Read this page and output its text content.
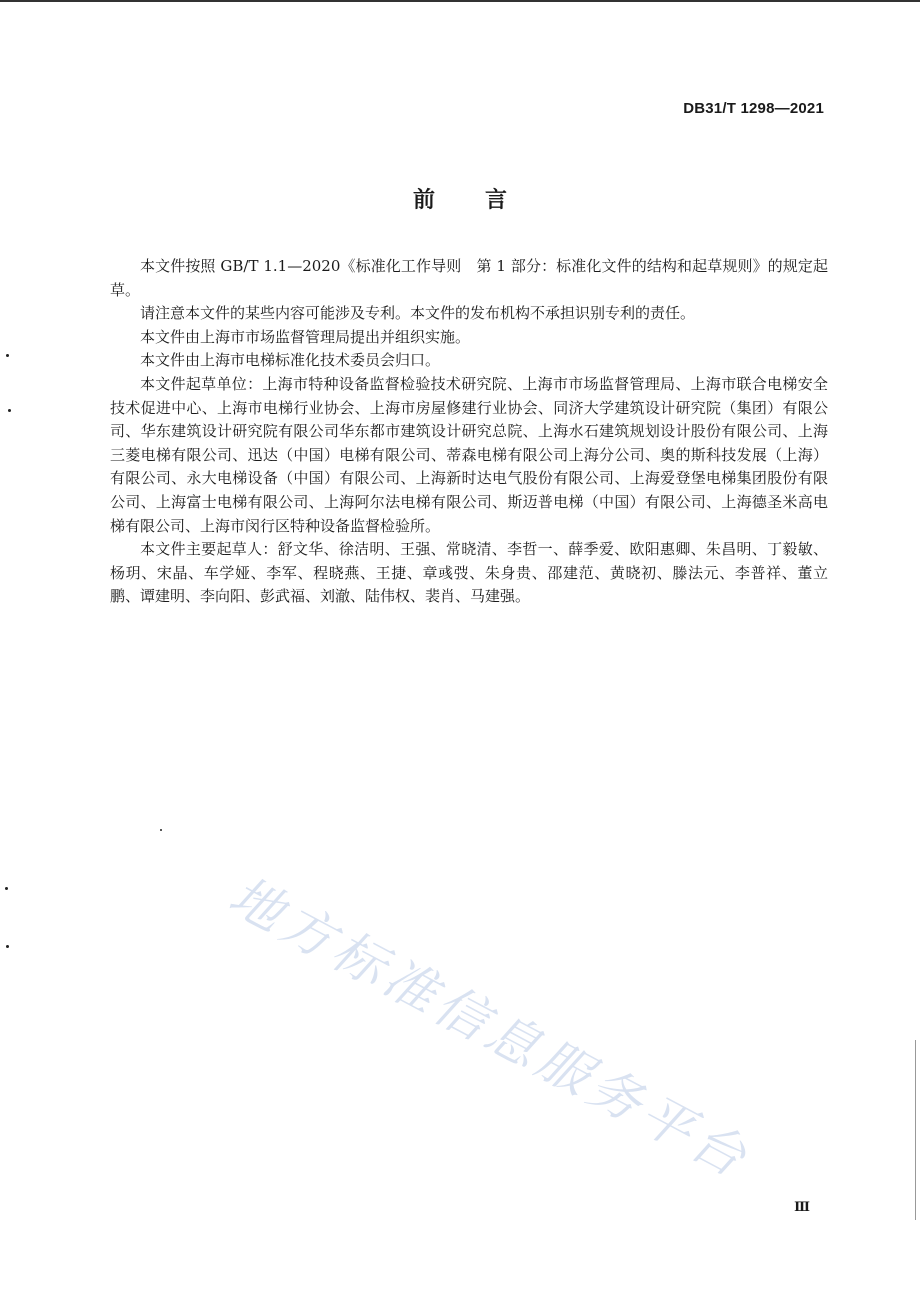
DB31/T 1298—2021
前言

本文件按照 GB/T 1.1—2020《标准化工作导则　第 1 部分：标准化文件的结构和起草规则》的规定起草。

请注意本文件的某些内容可能涉及专利。本文件的发布机构不承担识别专利的责任。

本文件由上海市市场监督管理局提出并组织实施。

本文件由上海市电梯标准化技术委员会归口。

本文件起草单位：上海市特种设备监督检验技术研究院、上海市市场监督管理局、上海市联合电梯安全技术促进中心、上海市电梯行业协会、上海市房屋修建行业协会、同济大学建筑设计研究院（集团）有限公司、华东建筑设计研究院有限公司华东都市建筑设计研究总院、上海水石建筑规划设计股份有限公司、上海三菱电梯有限公司、迅达（中国）电梯有限公司、蒂森电梯有限公司上海分公司、奥的斯科技发展（上海）有限公司、永大电梯设备（中国）有限公司、上海新时达电气股份有限公司、上海爱登堡电梯集团股份有限公司、上海富士电梯有限公司、上海阿尔法电梯有限公司、斯迈普电梯（中国）有限公司、上海德圣米高电梯有限公司、上海市闵行区特种设备监督检验所。

本文件主要起草人：舒文华、徐洁明、王强、常晓清、李哲一、薛季爱、欧阳惠卿、朱昌明、丁毅敏、杨玥、宋晶、车学娅、李军、程晓燕、王捷、章彧弢、朱身贵、邵建范、黄晓初、滕法元、李普祥、董立鹏、谭建明、李向阳、彭武福、刘澈、陆伟权、裴肖、马建强。

地方标准信息服务平台
Ⅲ
